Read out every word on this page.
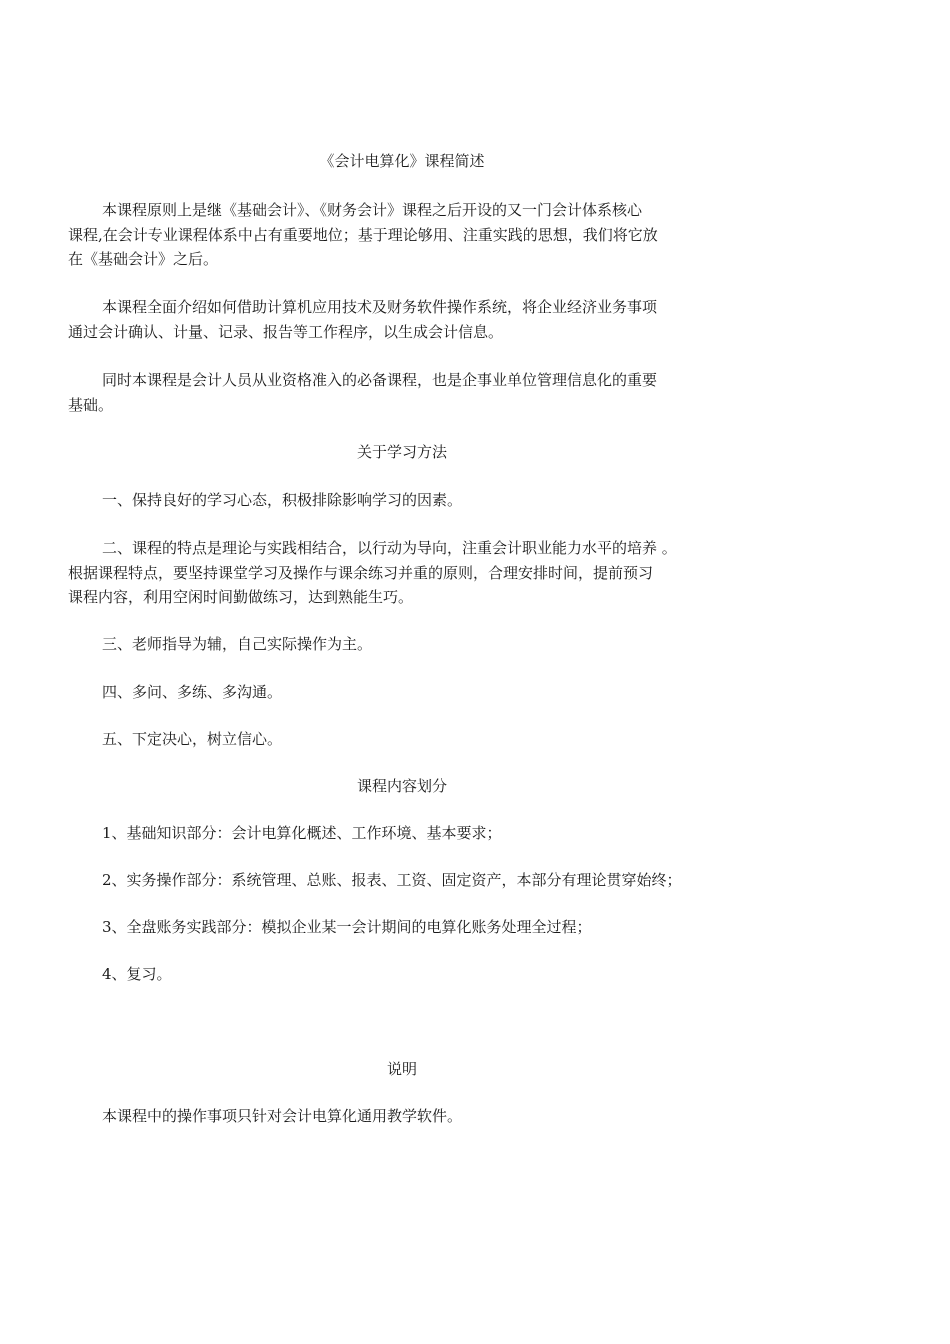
《会计电算化》课程简述
本课程原则上是继《基础会计》、《财务会计》课程之后开设的又一门会计体系核心
课程,在会计专业课程体系中占有重要地位；基于理论够用、注重实践的思想，我们将它放
在《基础会计》之后。
本课程全面介绍如何借助计算机应用技术及财务软件操作系统，将企业经济业务事项
通过会计确认、计量、记录、报告等工作程序，以生成会计信息。
同时本课程是会计人员从业资格准入的必备课程，也是企事业单位管理信息化的重要
基础。
关于学习方法
一、保持良好的学习心态，积极排除影响学习的因素。
二、课程的特点是理论与实践相结合，以行动为导向，注重会计职业能力水平的培养 。
根据课程特点，要坚持课堂学习及操作与课余练习并重的原则，合理安排时间，提前预习
课程内容，利用空闲时间勤做练习，达到熟能生巧。
三、老师指导为辅，自己实际操作为主。
四、多问、多练、多沟通。
五、下定决心，树立信心。
课程内容划分
1、基础知识部分：会计电算化概述、工作环境、基本要求；
2、实务操作部分：系统管理、总账、报表、工资、固定资产，本部分有理论贯穿始终；
3、全盘账务实践部分：模拟企业某一会计期间的电算化账务处理全过程；
4、复习。
说明
本课程中的操作事项只针对会计电算化通用教学软件。
